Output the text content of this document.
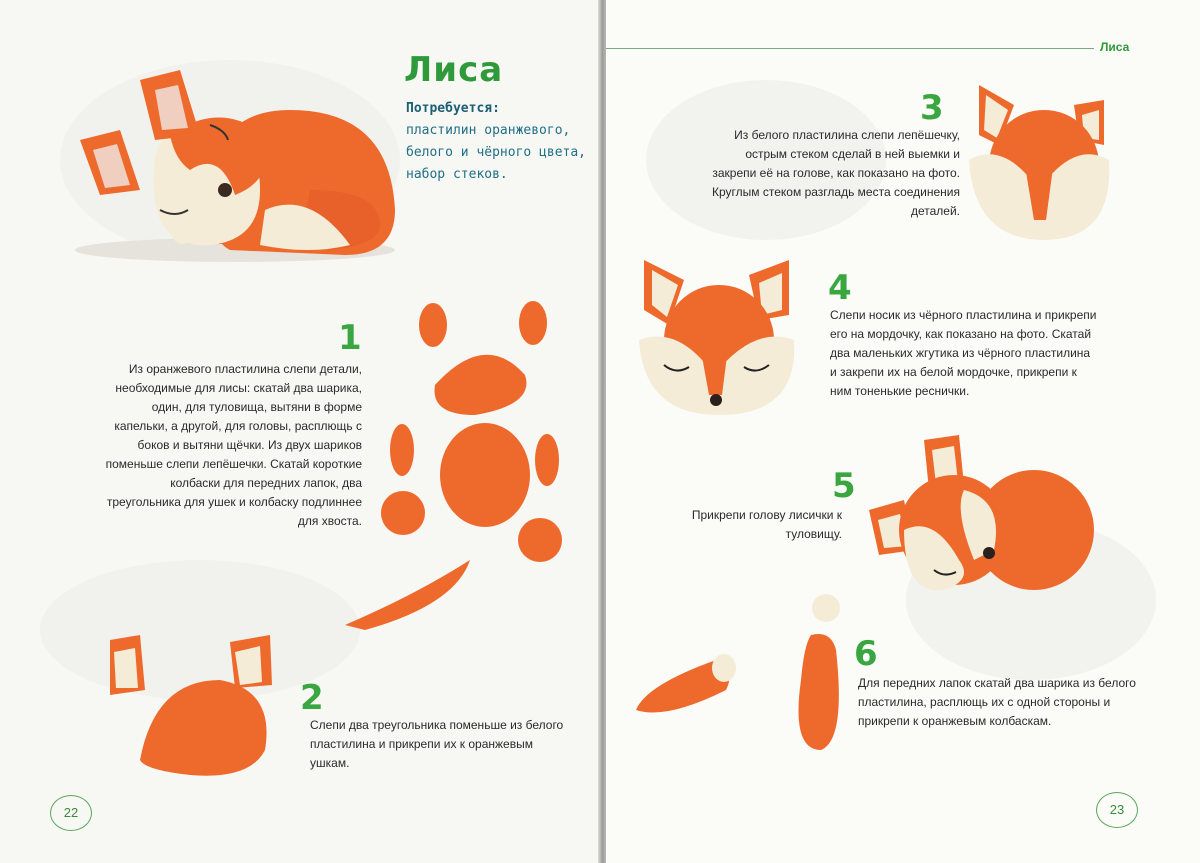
Лиса
Потребуется:
пластилин оранжевого, белого и чёрного цвета, набор стеков.
1
Из оранжевого пластилина слепи детали, необходимые для лисы: скатай два шарика, один, для туловища, вытяни в форме капельки, а другой, для головы, расплющь с боков и вытяни щёчки. Из двух шариков поменьше слепи лепёшечки. Скатай короткие колбаски для передних лапок, два треугольника для ушек и колбаску подлиннее для хвоста.
2
Слепи два треугольника поменьше из белого пластилина и прикрепи их к оранжевым ушкам.
22
Лиса
3
Из белого пластилина слепи лепёшечку, острым стеком сделай в ней выемки и закрепи её на голове, как показано на фото. Круглым стеком разгладь места соединения деталей.
4
Слепи носик из чёрного пластилина и прикрепи его на мордочку, как показано на фото. Скатай два маленьких жгутика из чёрного пластилина и закрепи их на белой мордочке, прикрепи к ним тоненькие реснички.
5
Прикрепи голову лисички к туловищу.
6
Для передних лапок скатай два шарика из белого пластилина, расплющь их с одной стороны и прикрепи к оранжевым колбаскам.
23
